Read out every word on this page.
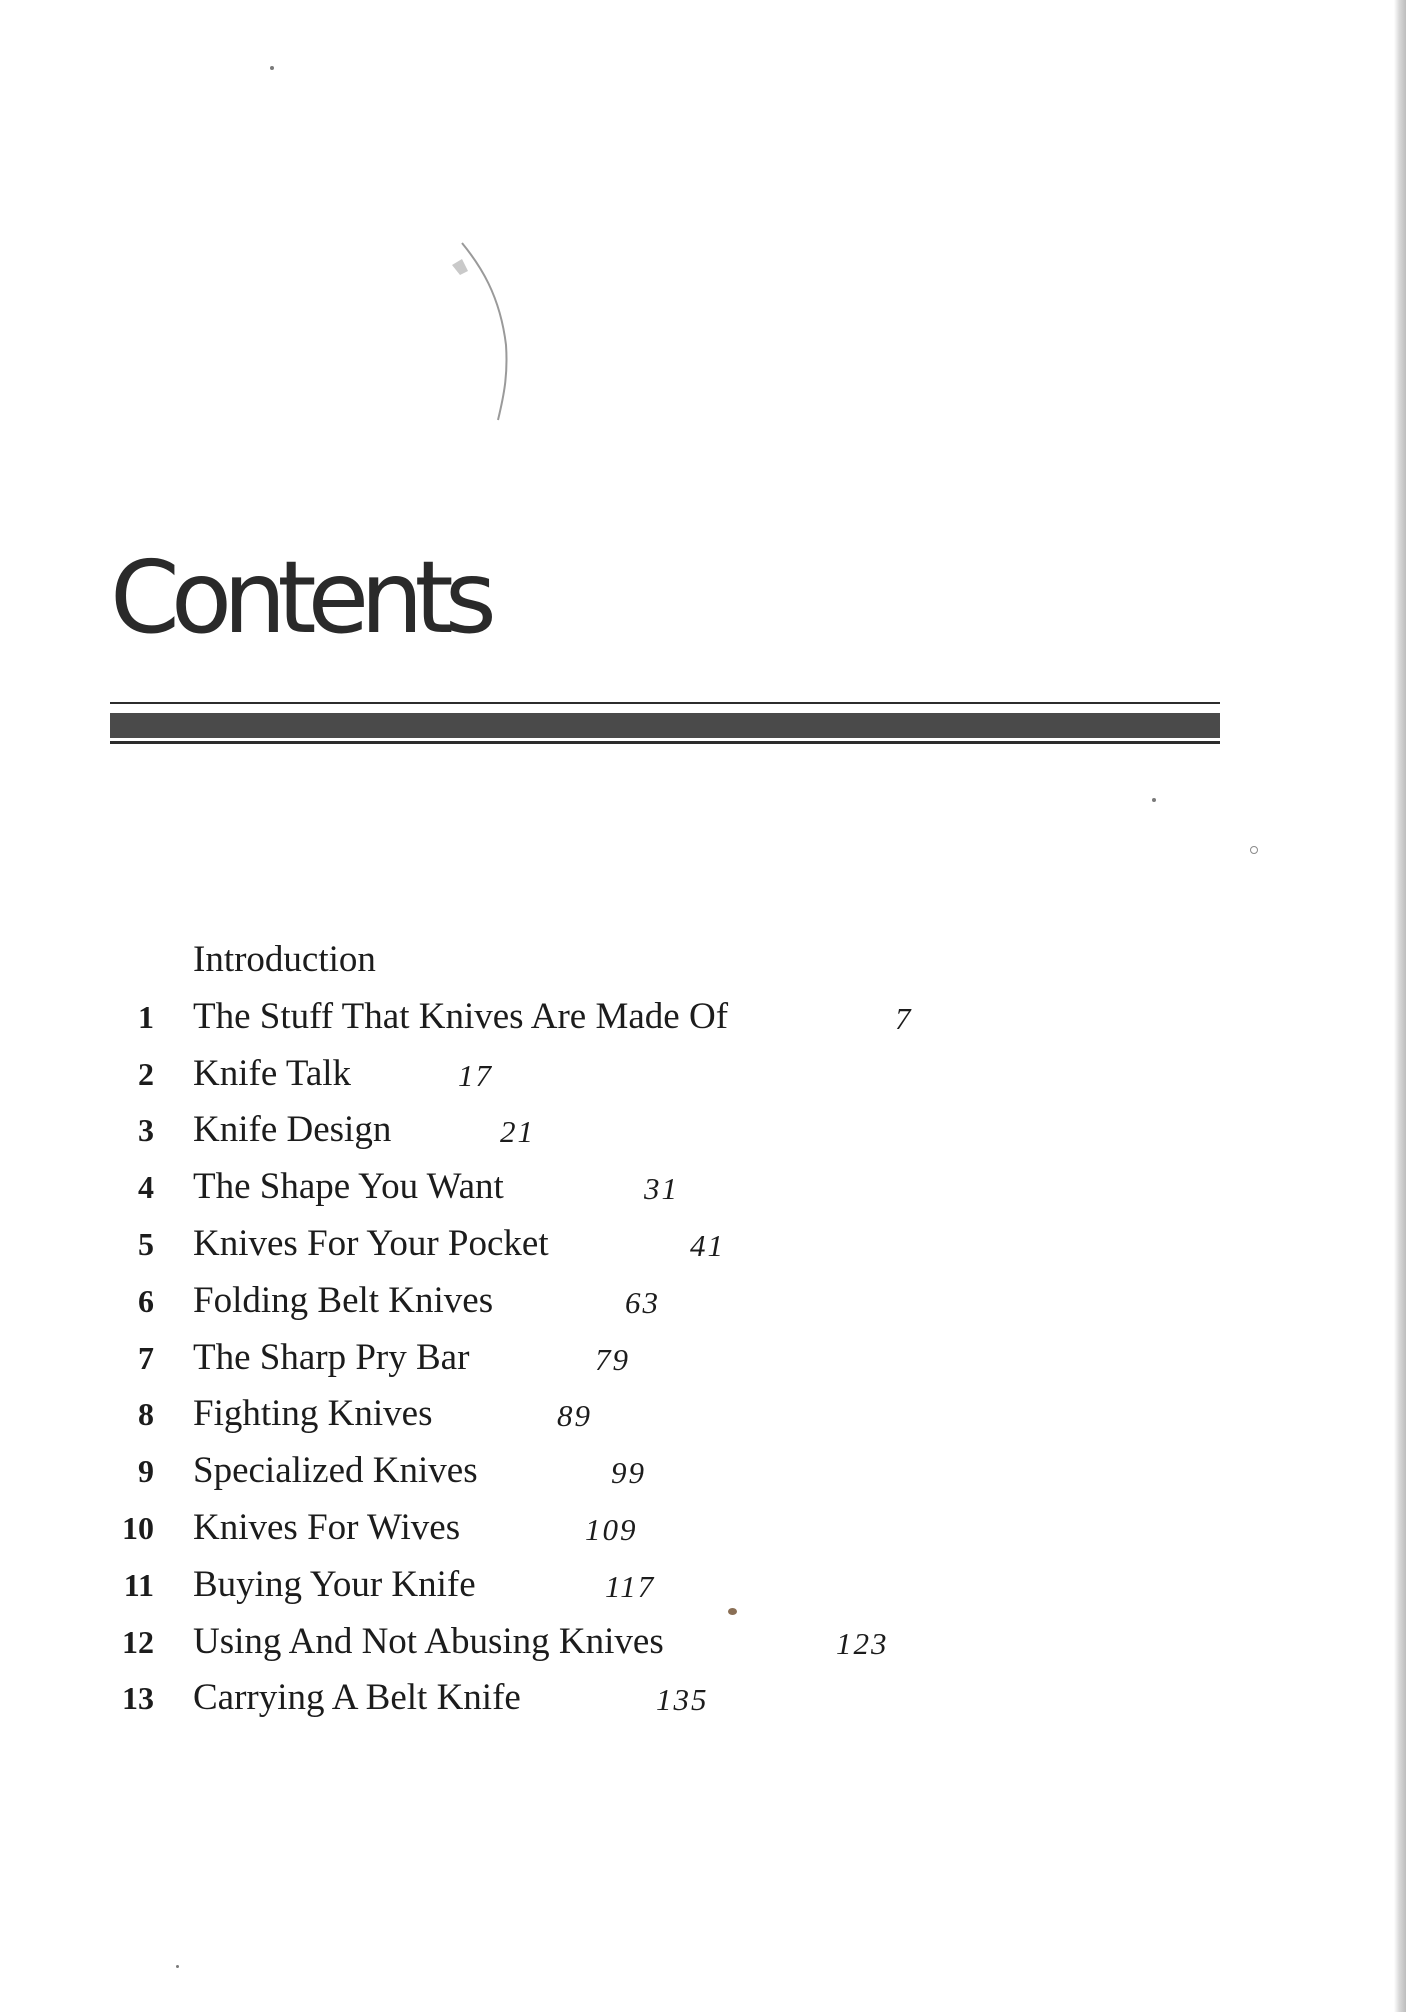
Contents
Introduction
1 The Stuff That Knives Are Made Of	7
2 Knife Talk	17
3 Knife Design	21
4 The Shape You Want	31
5 Knives For Your Pocket	41
6 Folding Belt Knives	63
7 The Sharp Pry Bar	79
8 Fighting Knives	89
9 Specialized Knives	99
10 Knives For Wives	109
11 Buying Your Knife	117
12 Using And Not Abusing Knives	123
13 Carrying A Belt Knife	135
